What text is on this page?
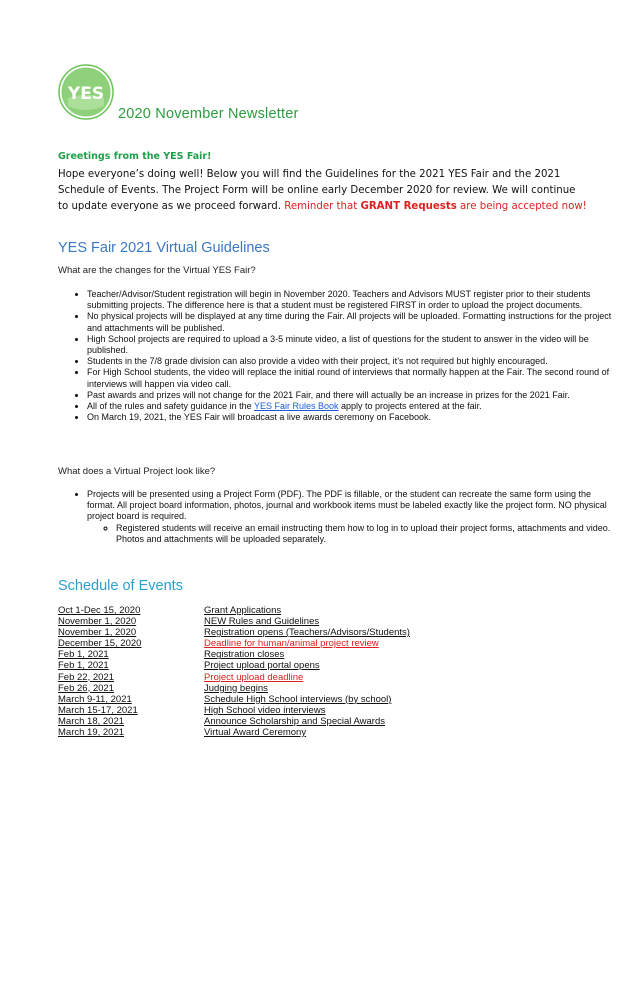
YES
2020 November Newsletter
Greetings from the YES Fair!
Hope everyone’s doing well! Below you will find the Guidelines for the 2021 YES Fair and the 2021 Schedule of Events. The Project Form will be online early December 2020 for review. We will continue to update everyone as we proceed forward. Reminder that GRANT Requests are being accepted now!
YES Fair 2021 Virtual Guidelines
What are the changes for the Virtual YES Fair?
• Teacher/Advisor/Student registration will begin in November 2020. Teachers and Advisors MUST register prior to their students submitting projects. The difference here is that a student must be registered FIRST in order to upload the project documents.
• No physical projects will be displayed at any time during the Fair. All projects will be uploaded. Formatting instructions for the project and attachments will be published.
• High School projects are required to upload a 3-5 minute video, a list of questions for the student to answer in the video will be published.
• Students in the 7/8 grade division can also provide a video with their project, it’s not required but highly encouraged.
• For High School students, the video will replace the initial round of interviews that normally happen at the Fair. The second round of interviews will happen via video call.
• Past awards and prizes will not change for the 2021 Fair, and there will actually be an increase in prizes for the 2021 Fair.
• All of the rules and safety guidance in the YES Fair Rules Book apply to projects entered at the fair.
• On March 19, 2021, the YES Fair will broadcast a live awards ceremony on Facebook.
What does a Virtual Project look like?
• Projects will be presented using a Project Form (PDF). The PDF is fillable, or the student can recreate the same form using the format. All project board information, photos, journal and workbook items must be labeled exactly like the project form. NO physical project board is required.
◦ Registered students will receive an email instructing them how to log in to upload their project forms, attachments and video. Photos and attachments will be uploaded separately.
Schedule of Events
Oct 1-Dec 15, 2020	Grant Applications
November 1, 2020	NEW Rules and Guidelines
November 1, 2020	Registration opens (Teachers/Advisors/Students)
December 15, 2020	Deadline for human/animal project review
Feb 1, 2021	Registration closes
Feb 1, 2021	Project upload portal opens
Feb 22, 2021	Project upload deadline
Feb 26, 2021	Judging begins
March 9-11, 2021	Schedule High School interviews (by school)
March 15-17, 2021	High School video interviews
March 18, 2021	Announce Scholarship and Special Awards
March 19, 2021	Virtual Award Ceremony
